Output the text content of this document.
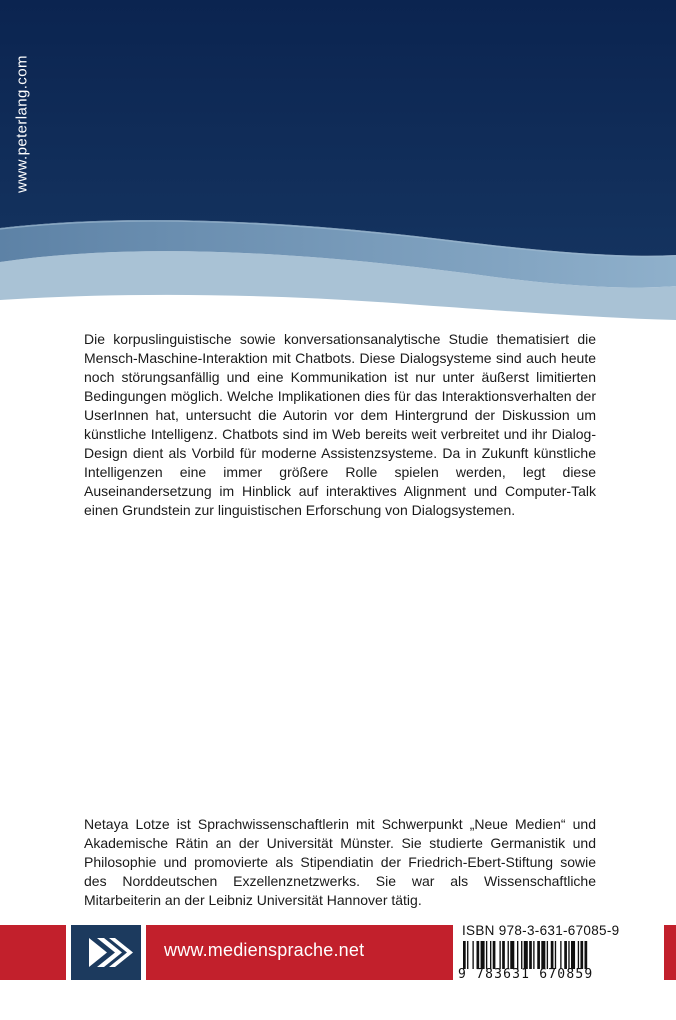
www.peterlang.com
Die korpuslinguistische sowie konversationsanalytische Studie thematisiert die Mensch-Maschine-Interaktion mit Chatbots. Diese Dialogsysteme sind auch heute noch störungsanfällig und eine Kommunikation ist nur unter äußerst limitierten Bedingungen möglich. Welche Implikationen dies für das Interaktionsverhalten der UserInnen hat, untersucht die Autorin vor dem Hintergrund der Diskussion um künstliche Intelligenz. Chatbots sind im Web bereits weit verbreitet und ihr Dialog-Design dient als Vorbild für moderne Assistenzsysteme. Da in Zukunft künstliche Intelligenzen eine immer größere Rolle spielen werden, legt diese Auseinandersetzung im Hinblick auf interaktives Alignment und Computer-Talk einen Grundstein zur linguistischen Erforschung von Dialogsystemen.
Netaya Lotze ist Sprachwissenschaftlerin mit Schwerpunkt „Neue Medien“ und Akademische Rätin an der Universität Münster. Sie studierte Germanistik und Philosophie und promovierte als Stipendiatin der Friedrich-Ebert-Stiftung sowie des Norddeutschen Exzellenznetzwerks. Sie war als Wissenschaftliche Mitarbeiterin an der Leibniz Universität Hannover tätig.
www.mediensprache.net
ISBN 978-3-631-67085-9
9 783631 670859
